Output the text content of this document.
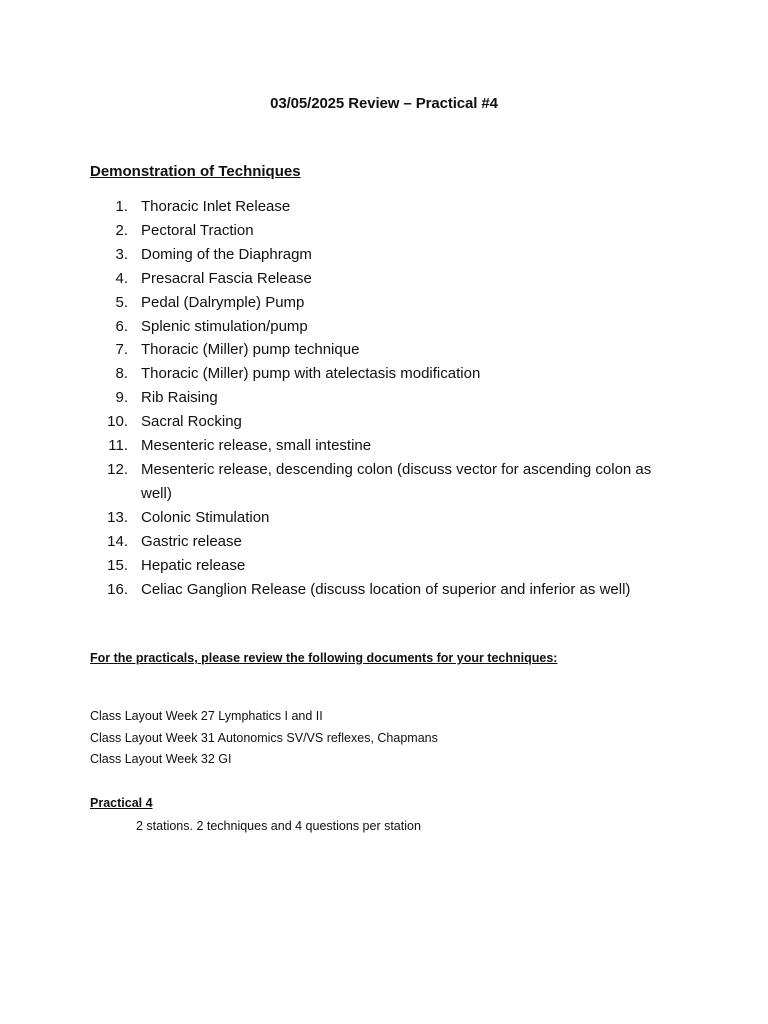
03/05/2025 Review – Practical #4
Demonstration of Techniques
1. Thoracic Inlet Release
2. Pectoral Traction
3. Doming of the Diaphragm
4. Presacral Fascia Release
5. Pedal (Dalrymple) Pump
6. Splenic stimulation/pump
7. Thoracic (Miller) pump technique
8. Thoracic (Miller) pump with atelectasis modification
9. Rib Raising
10. Sacral Rocking
11. Mesenteric release, small intestine
12. Mesenteric release, descending colon (discuss vector for ascending colon as well)
13. Colonic Stimulation
14. Gastric release
15. Hepatic release
16. Celiac Ganglion Release (discuss location of superior and inferior as well)
For the practicals, please review the following documents for your techniques:
Class Layout Week 27 Lymphatics I and II
Class Layout Week 31 Autonomics SV/VS reflexes, Chapmans
Class Layout Week 32 GI
Practical 4
2 stations. 2 techniques and 4 questions per station
